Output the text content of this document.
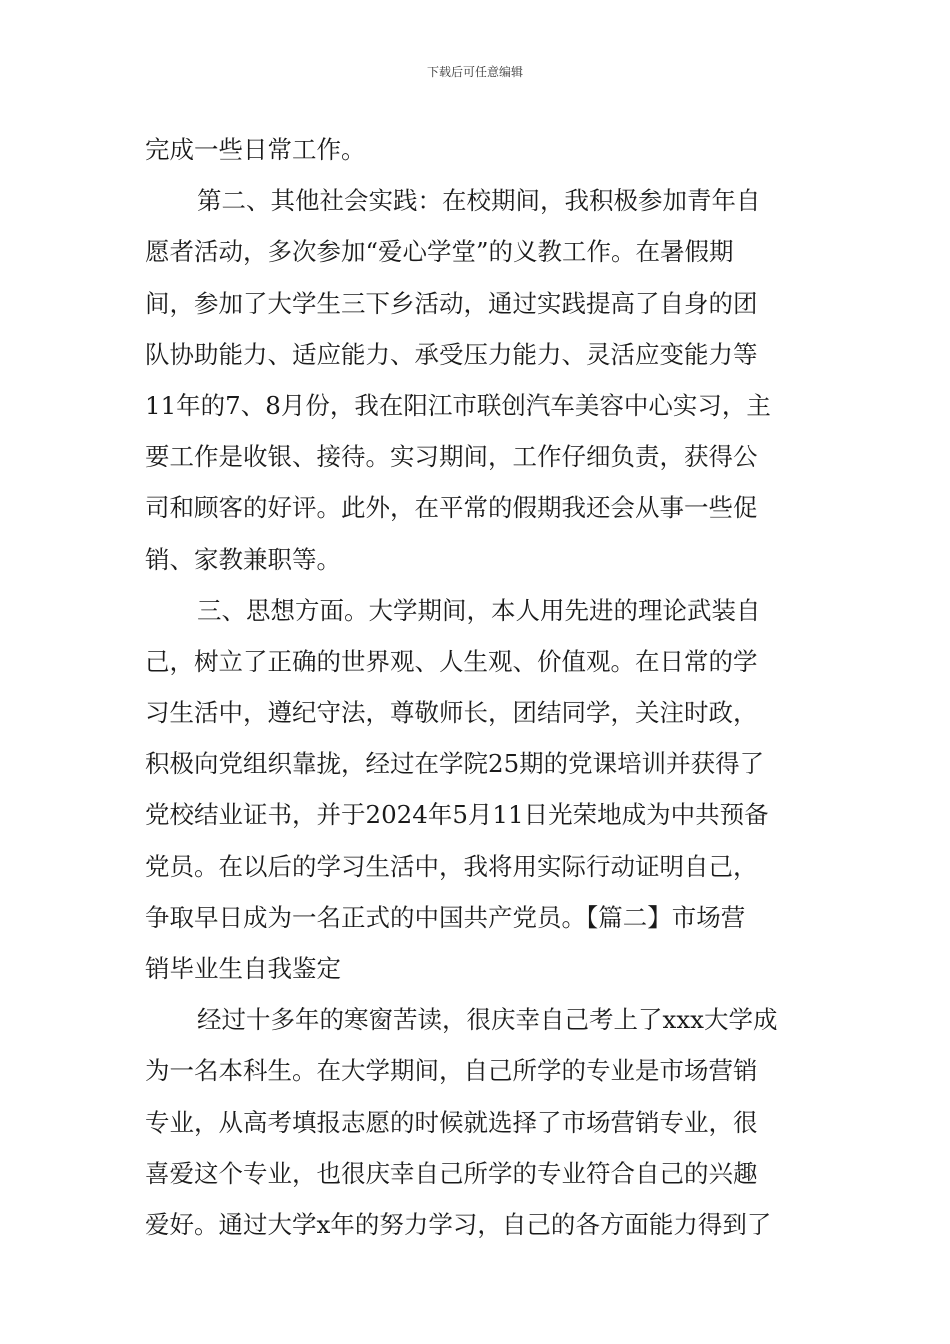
下载后可任意编辑
完成一些日常工作。
第二、其他社会实践：在校期间，我积极参加青年自
愿者活动，多次参加“爱心学堂”的义教工作。在暑假期
间，参加了大学生三下乡活动，通过实践提高了自身的团
队协助能力、适应能力、承受压力能力、灵活应变能力等
11年的7、8月份，我在阳江市联创汽车美容中心实习，主
要工作是收银、接待。实习期间，工作仔细负责，获得公
司和顾客的好评。此外，在平常的假期我还会从事一些促
销、家教兼职等。
三、思想方面。大学期间，本人用先进的理论武装自
己，树立了正确的世界观、人生观、价值观。在日常的学
习生活中，遵纪守法，尊敬师长，团结同学，关注时政，
积极向党组织靠拢，经过在学院25期的党课培训并获得了
党校结业证书，并于2024年5月11日光荣地成为中共预备
党员。在以后的学习生活中，我将用实际行动证明自己，
争取早日成为一名正式的中国共产党员。【篇二】市场营
销毕业生自我鉴定
经过十多年的寒窗苦读，很庆幸自己考上了xxx大学成
为一名本科生。在大学期间，自己所学的专业是市场营销
专业，从高考填报志愿的时候就选择了市场营销专业，很
喜爱这个专业，也很庆幸自己所学的专业符合自己的兴趣
爱好。通过大学x年的努力学习，自己的各方面能力得到了
